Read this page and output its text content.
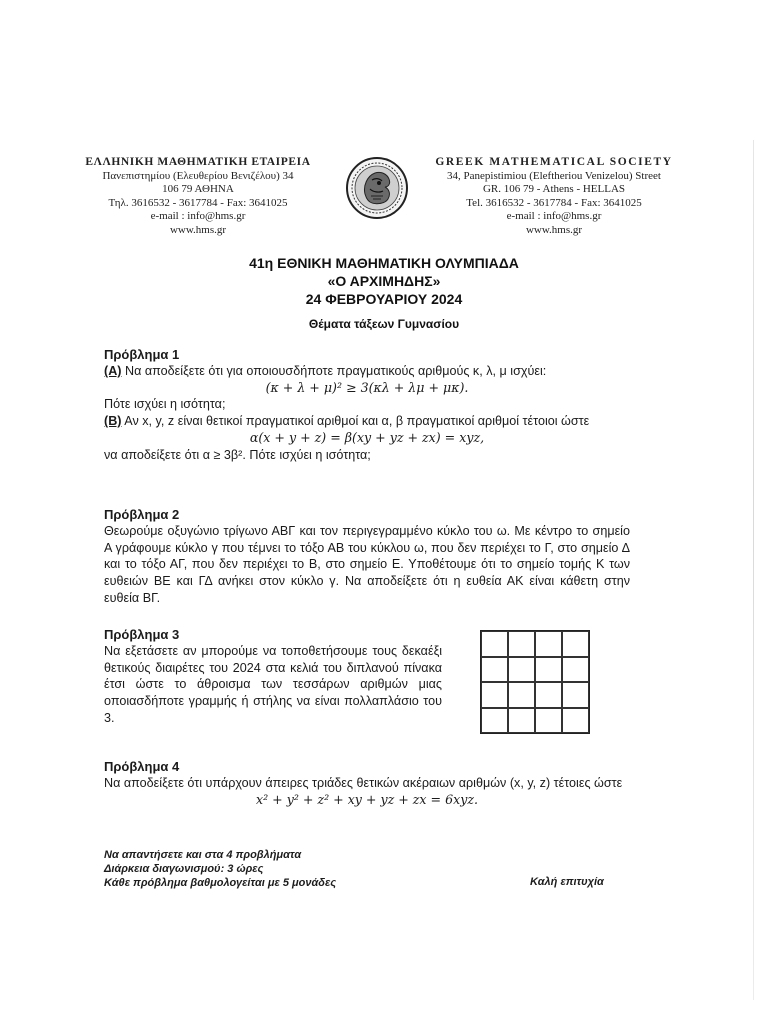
ΕΛΛΗΝΙΚΗ ΜΑΘΗΜΑΤΙΚΗ ΕΤΑΙΡΕΙΑ
Πανεπιστημίου (Ελευθερίου Βενιζέλου) 34
106 79 ΑΘΗΝΑ
Τηλ. 3616532 - 3617784 - Fax: 3641025
e-mail : info@hms.gr
www.hms.gr
GREEK MATHEMATICAL SOCIETY
34, Panepistimiou (Eleftheriou Venizelou) Street
GR. 106 79 - Athens - HELLAS
Tel. 3616532 - 3617784 - Fax: 3641025
e-mail : info@hms.gr
www.hms.gr
41η ΕΘΝΙΚΗ ΜΑΘΗΜΑΤΙΚΗ ΟΛΥΜΠΙΑΔΑ
«Ο ΑΡΧΙΜΗΔΗΣ»
24 ΦΕΒΡΟΥΑΡΙΟΥ 2024
Θέματα τάξεων Γυμνασίου

Πρόβλημα 1

(Α) Να αποδείξετε ότι για οποιουσδήποτε πραγματικούς αριθμούς κ, λ, μ ισχύει:

(κ + λ + μ)² ≥ 3(κλ + λμ + μκ).

Πότε ισχύει η ισότητα;

(Β) Αν x, y, z είναι θετικοί πραγματικοί αριθμοί και α, β πραγματικοί αριθμοί τέτοιοι ώστε

α(x + y + z) = β(xy + yz + zx) = xyz,

να αποδείξετε ότι α ≥ 3β². Πότε ισχύει η ισότητα;

Πρόβλημα 2

Θεωρούμε οξυγώνιο τρίγωνο ΑΒΓ και τον περιγεγραμμένο κύκλο του ω. Με κέντρο το σημείο Α γράφουμε κύκλο γ που τέμνει το τόξο ΑΒ του κύκλου ω, που δεν περιέχει το Γ, στο σημείο Δ και το τόξο ΑΓ, που δεν περιέχει το Β, στο σημείο Ε. Υποθέτουμε ότι το σημείο τομής Κ των ευθειών ΒΕ και ΓΔ ανήκει στον κύκλο γ. Να αποδείξετε ότι η ευθεία ΑΚ είναι κάθετη στην ευθεία ΒΓ.

Πρόβλημα 3

Να εξετάσετε αν μπορούμε να τοποθετήσουμε τους δεκαέξι θετικούς διαιρέτες του 2024 στα κελιά του διπλανού πίνακα έτσι ώστε το άθροισμα των τεσσάρων αριθμών μιας οποιασδήποτε γραμμής ή στήλης να είναι πολλαπλάσιο του 3.

Πρόβλημα 4

Να αποδείξετε ότι υπάρχουν άπειρες τριάδες θετικών ακέραιων αριθμών (x, y, z) τέτοιες ώστε

x² + y² + z² + xy + yz + zx = 6xyz.

Να απαντήσετε και στα 4 προβλήματα
Διάρκεια διαγωνισμού: 3 ώρες
Κάθε πρόβλημα βαθμολογείται με 5 μονάδες	Καλή επιτυχία
